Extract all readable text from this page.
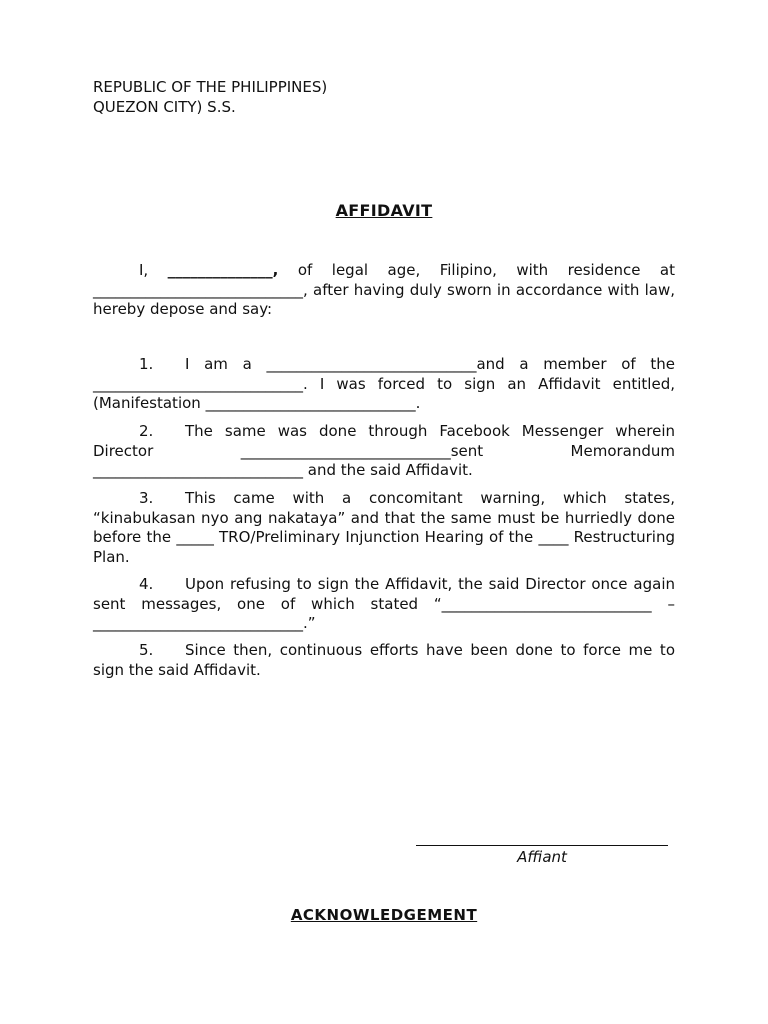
REPUBLIC OF THE PHILIPPINES)
QUEZON CITY) S.S.
AFFIDAVIT
I, ______________, of legal age, Filipino, with residence at ____________________________, after having duly sworn in accordance with law, hereby depose and say:
1. I am a ____________________________and a member of the ____________________________. I was forced to sign an Affidavit entitled, (Manifestation ____________________________.
2. The same was done through Facebook Messenger wherein Director ____________________________sent Memorandum ____________________________ and the said Affidavit.
3. This came with a concomitant warning, which states, “kinabukasan nyo ang nakataya” and that the same must be hurriedly done before the _____ TRO/Preliminary Injunction Hearing of the ____ Restructuring Plan.
4. Upon refusing to sign the Affidavit, the said Director once again sent messages, one of which stated “____________________________ – ____________________________.”
5. Since then, continuous efforts have been done to force me to sign the said Affidavit.
Affiant
ACKNOWLEDGEMENT
